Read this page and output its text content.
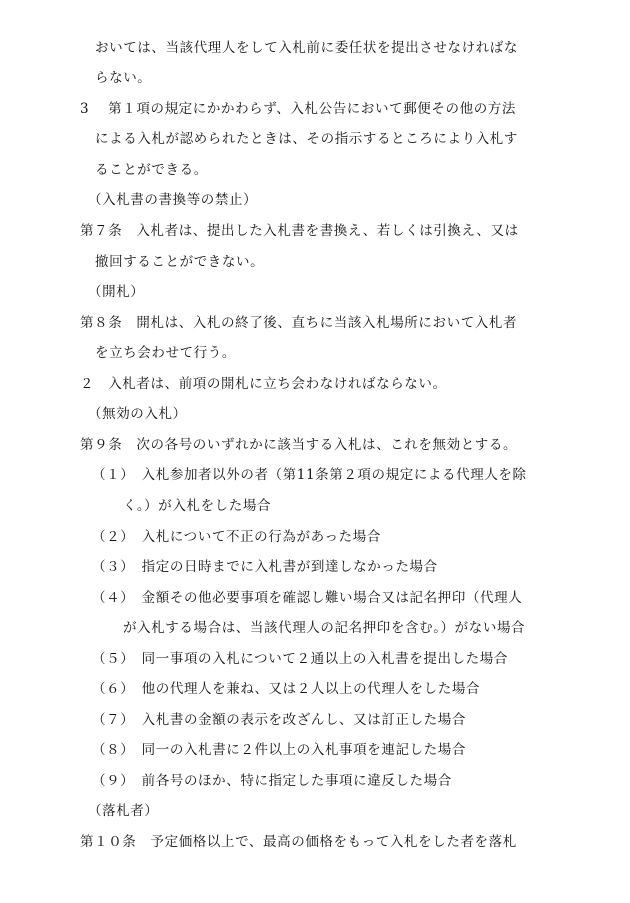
おいては、当該代理人をして入札前に委任状を提出させなければな
らない。
3　 第１項の規定にかかわらず、入札公告において郵便その他の方法
による入札が認められたときは、その指示するところにより入札す
ることができる。
（入札書の書換等の禁止）
第７条　入札者は、提出した入札書を書換え、若しくは引換え、又は
撤回することができない。
（開札）
第８条　開札は、入札の終了後、直ちに当該入札場所において入札者
を立ち会わせて行う。
２　入札者は、前項の開札に立ち会わなければならない。
（無効の入札）
第９条　次の各号のいずれかに該当する入札は、これを無効とする。
（１）　入札参加者以外の者（第11条第２項の規定による代理人を除
く。）が入札をした場合
（２）　入札について不正の行為があった場合
（３）　指定の日時までに入札書が到達しなかった場合
（４）　金額その他必要事項を確認し難い場合又は記名押印（代理人
が入札する場合は、当該代理人の記名押印を含む。）がない場合
（５）　同一事項の入札について２通以上の入札書を提出した場合
（６）　他の代理人を兼ね、又は２人以上の代理人をした場合
（７）　入札書の金額の表示を改ざんし、又は訂正した場合
（８）　同一の入札書に２件以上の入札事項を連記した場合
（９）　前各号のほか、特に指定した事項に違反した場合
（落札者）
第１０条　予定価格以上で、最高の価格をもって入札をした者を落札
